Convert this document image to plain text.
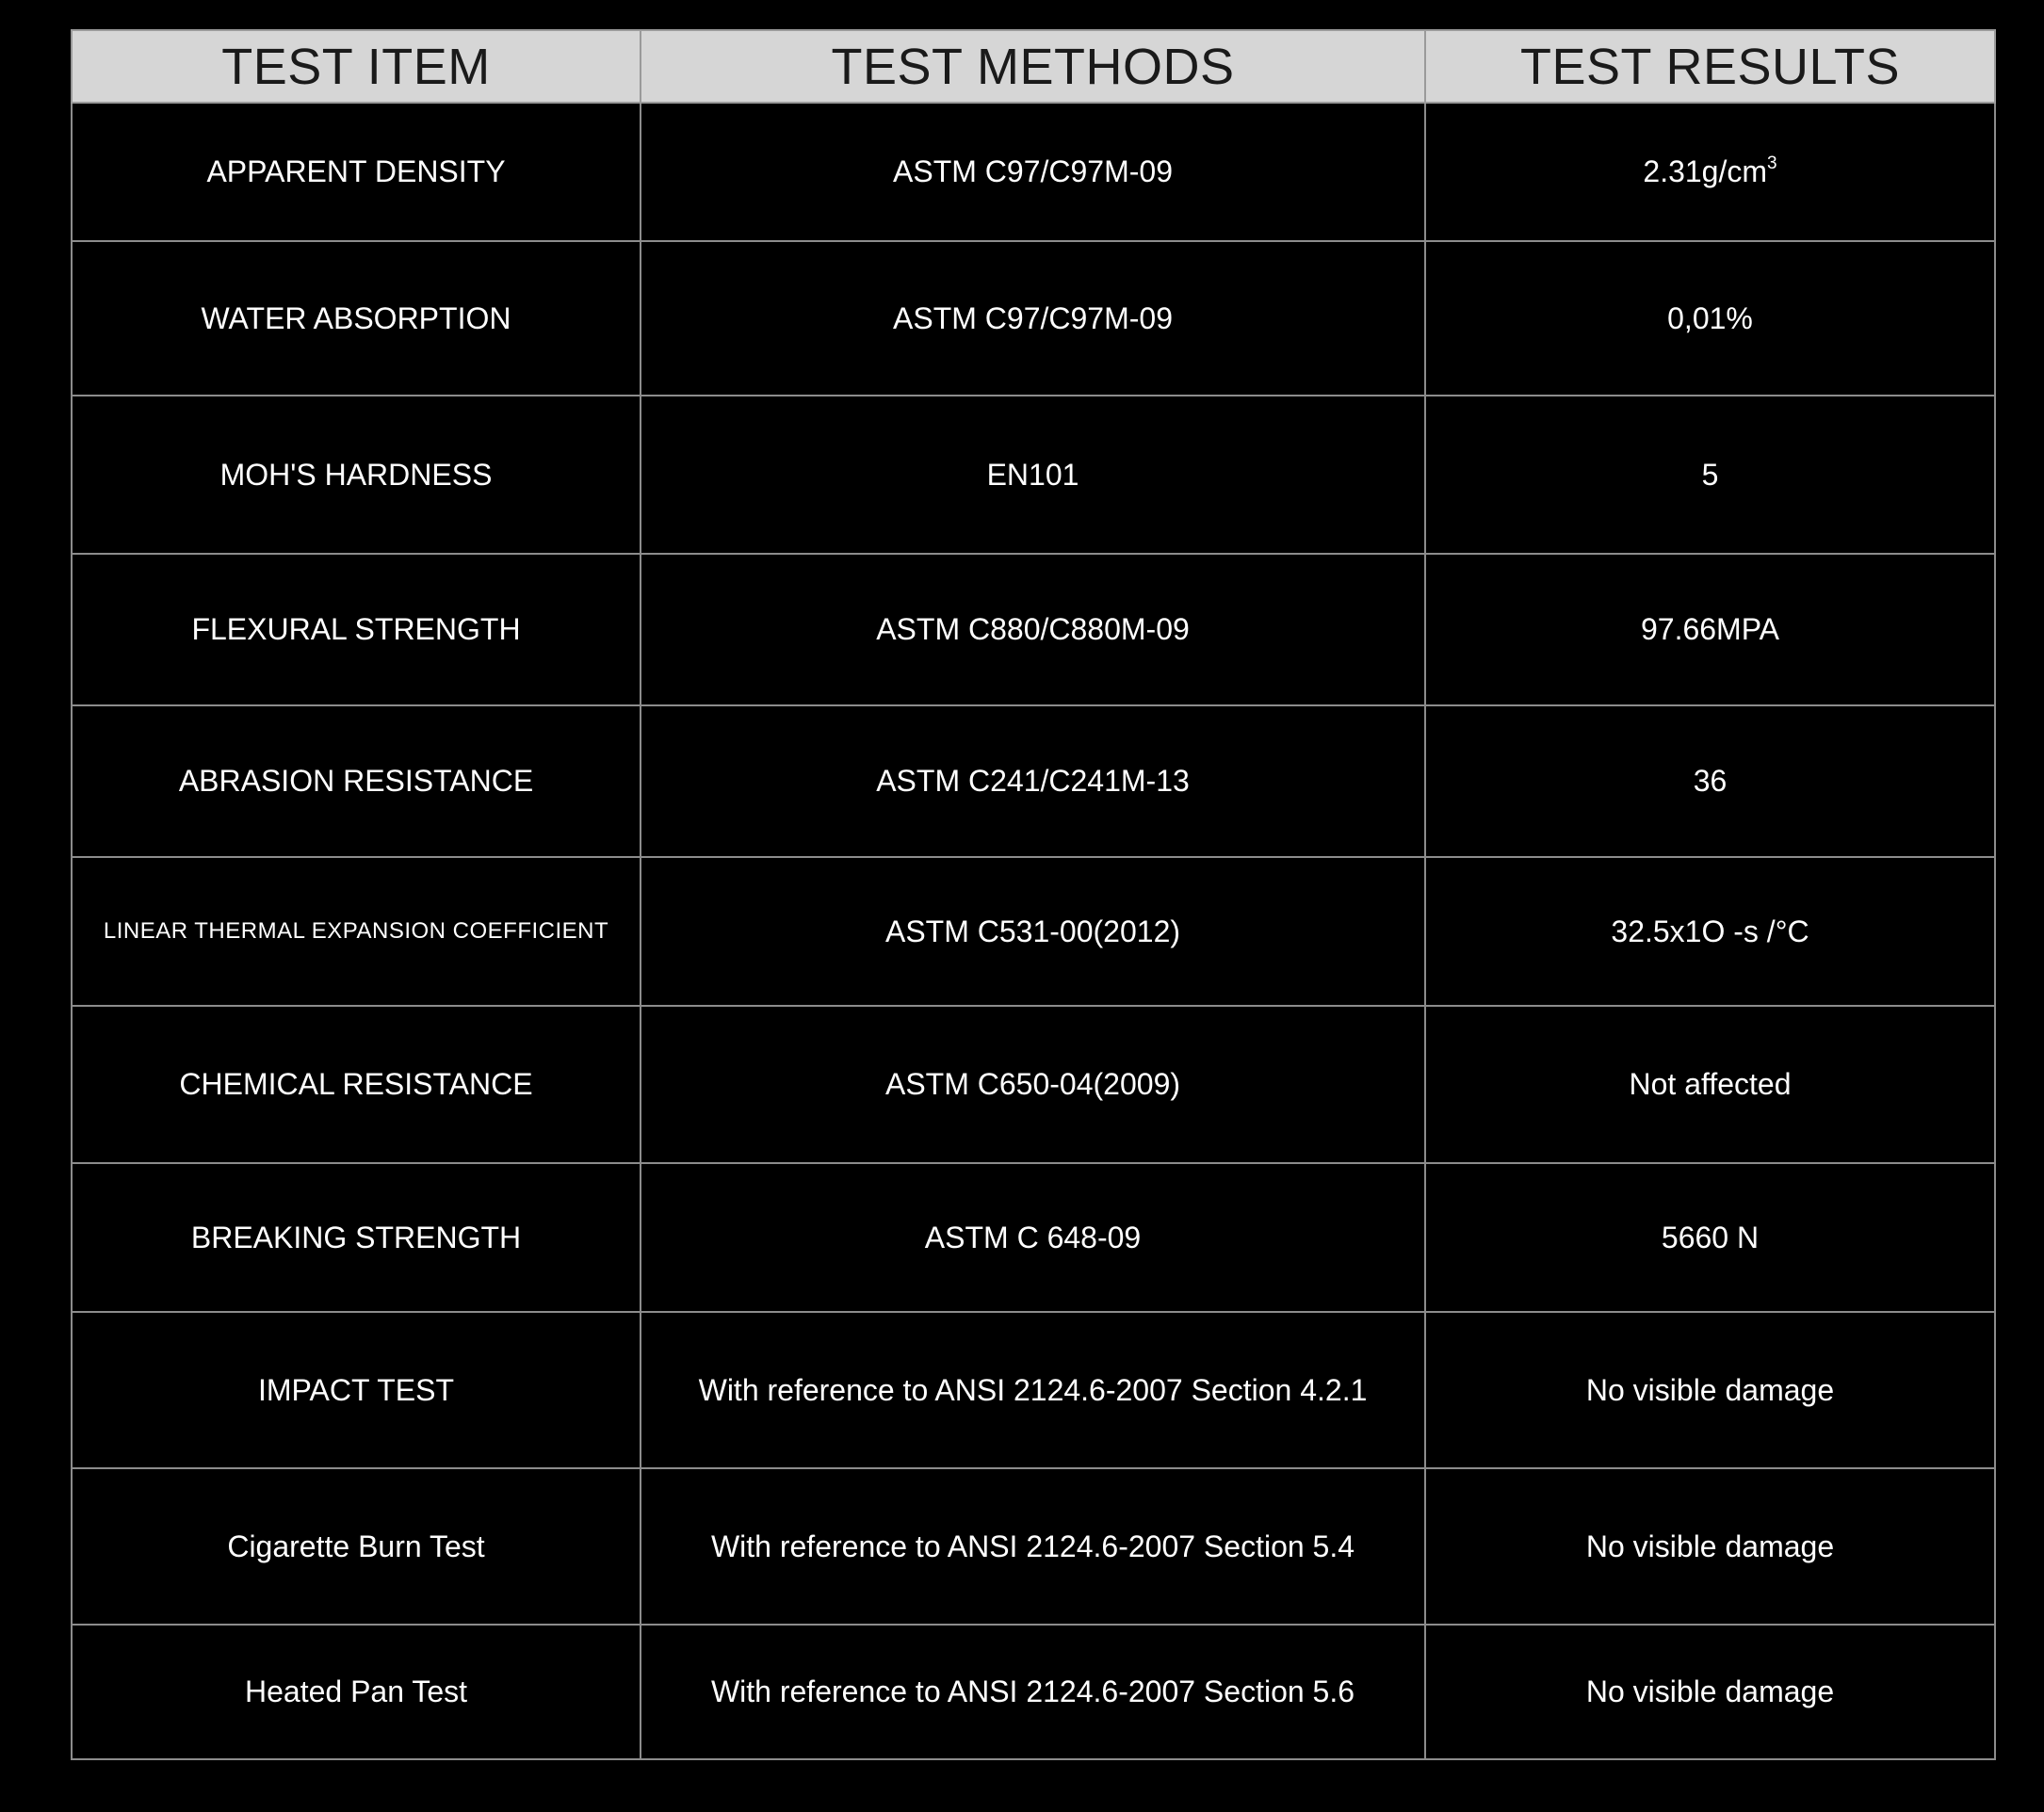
TEST ITEM	TEST METHODS	TEST RESULTS
APPARENT DENSITY	ASTM C97/C97M-09	$2.31g/cm^3$
WATER ABSORPTION	ASTM C97/C97M-09	0,01%
MOH'S HARDNESS	EN101	5
FLEXURAL STRENGTH	ASTM C880/C880M-09	97.66MPA
ABRASION RESISTANCE	ASTM C241/C241M-13	36
LINEAR THERMAL EXPANSION COEFFICIENT	ASTM C531-00(2012)	32.5x1O -s /°C
CHEMICAL RESISTANCE	ASTM C650-04(2009)	Not affected
BREAKING STRENGTH	ASTM C 648-09	5660 N
IMPACT TEST	With reference to ANSI 2124.6-2007 Section 4.2.1	No visible damage
Cigarette Burn Test	With reference to ANSI 2124.6-2007 Section 5.4	No visible damage
Heated Pan Test	With reference to ANSI 2124.6-2007 Section 5.6	No visible damage
